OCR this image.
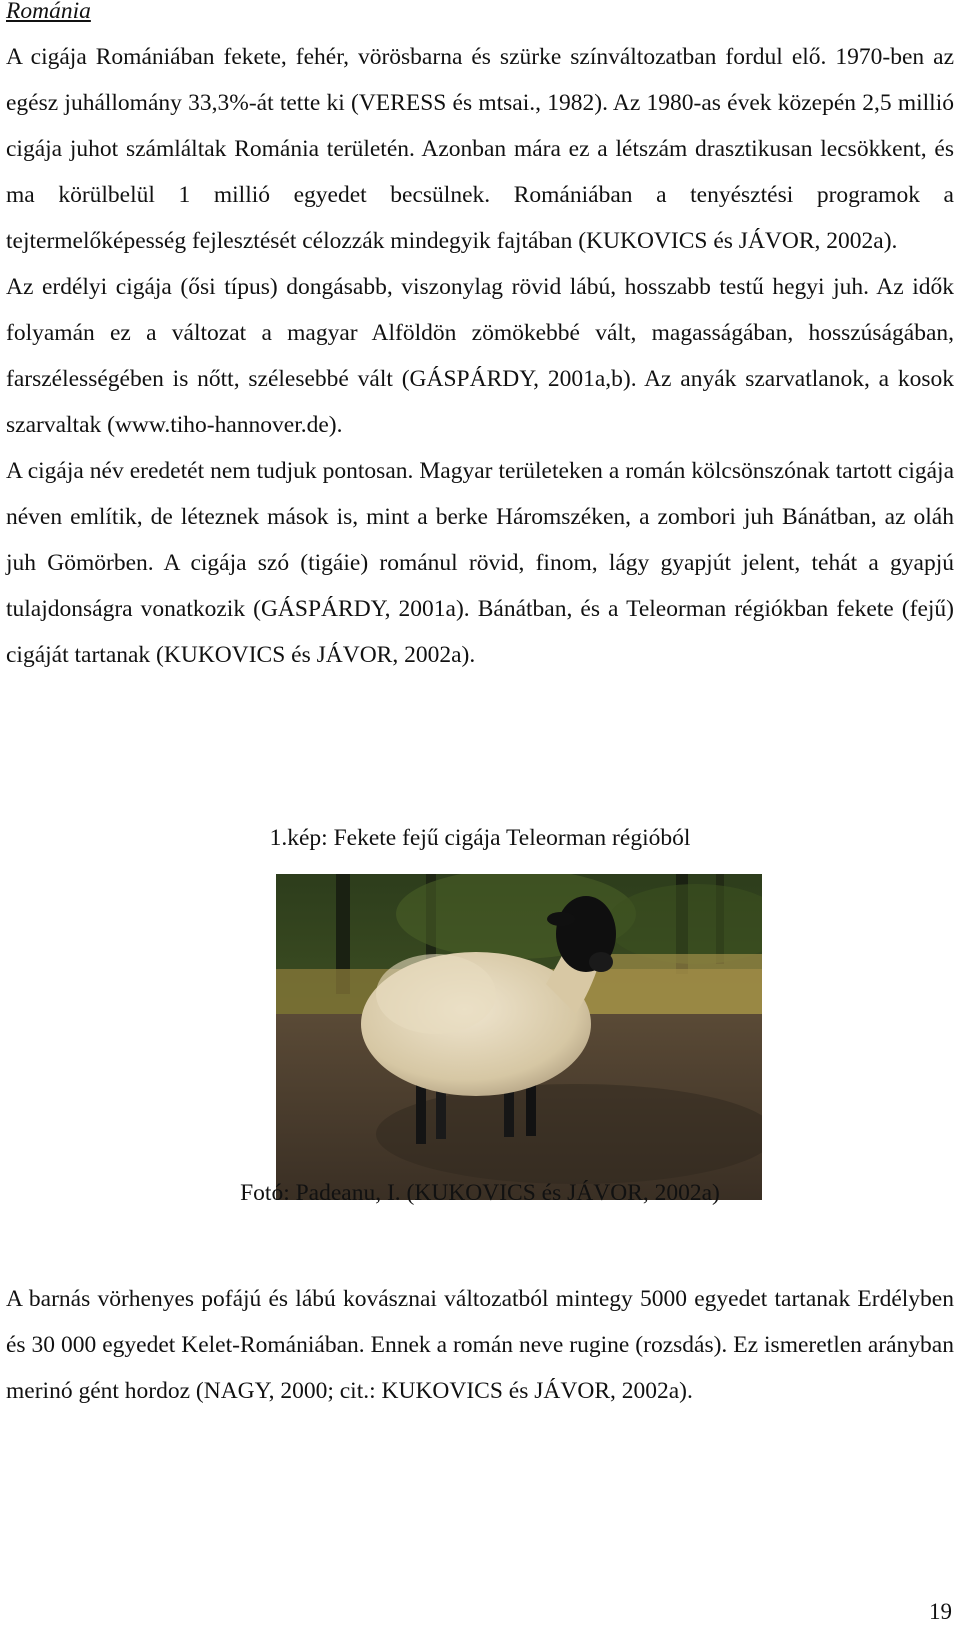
Románia

A cigája Romániában fekete, fehér, vörösbarna és szürke színváltozatban fordul elő. 1970-ben az egész juhállomány 33,3%-át tette ki (VERESS és mtsai., 1982). Az 1980-as évek közepén 2,5 millió cigája juhot számláltak Románia területén. Azonban mára ez a létszám drasztikusan lecsökkent, és ma körülbelül 1 millió egyedet becsülnek. Romániában a tenyésztési programok a tejtermelőképesség fejlesztését célozzák mindegyik fajtában (KUKOVICS és JÁVOR, 2002a).

Az erdélyi cigája (ősi típus) dongásabb, viszonylag rövid lábú, hosszabb testű hegyi juh. Az idők folyamán ez a változat a magyar Alföldön zömökebbé vált, magasságában, hosszúságában, farszélességében is nőtt, szélesebbé vált (GÁSPÁRDY, 2001a,b). Az anyák szarvatlanok, a kosok szarvaltak (www.tiho-hannover.de).

A cigája név eredetét nem tudjuk pontosan. Magyar területeken a román kölcsönszónak tartott cigája néven említik, de léteznek mások is, mint a berke Háromszéken, a zombori juh Bánátban, az oláh juh Gömörben. A cigája szó (tigáie) románul rövid, finom, lágy gyapjút jelent, tehát a gyapjú tulajdonságra vonatkozik (GÁSPÁRDY, 2001a). Bánátban, és a Teleorman régiókban fekete (fejű) cigáját tartanak (KUKOVICS és JÁVOR, 2002a).

1.kép: Fekete fejű cigája Teleorman régióból
Fotó: Padeanu, I. (KUKOVICS és JÁVOR, 2002a)

A barnás vörhenyes pofájú és lábú kovásznai változatból mintegy 5000 egyedet tartanak Erdélyben és 30 000 egyedet Kelet-Romániában. Ennek a román neve rugine (rozsdás). Ez ismeretlen arányban merinó gént hordoz (NAGY, 2000; cit.: KUKOVICS és JÁVOR, 2002a).

19
